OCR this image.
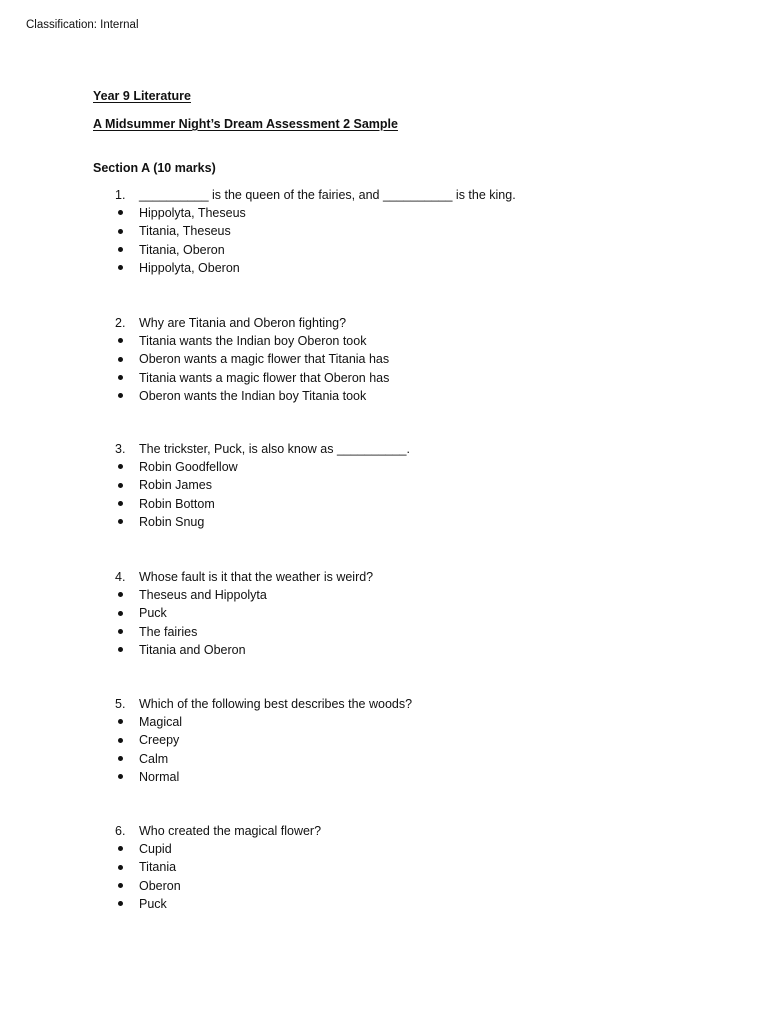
Classification: Internal
Year 9 Literature
A Midsummer Night’s Dream Assessment 2 Sample
Section A (10 marks)
1. __________ is the queen of the fairies, and __________ is the king.
Hippolyta, Theseus
Titania, Theseus
Titania, Oberon
Hippolyta, Oberon
2. Why are Titania and Oberon fighting?
Titania wants the Indian boy Oberon took
Oberon wants a magic flower that Titania has
Titania wants a magic flower that Oberon has
Oberon wants the Indian boy Titania took
3. The trickster, Puck, is also know as __________.
Robin Goodfellow
Robin James
Robin Bottom
Robin Snug
4. Whose fault is it that the weather is weird?
Theseus and Hippolyta
Puck
The fairies
Titania and Oberon
5. Which of the following best describes the woods?
Magical
Creepy
Calm
Normal
6. Who created the magical flower?
Cupid
Titania
Oberon
Puck
